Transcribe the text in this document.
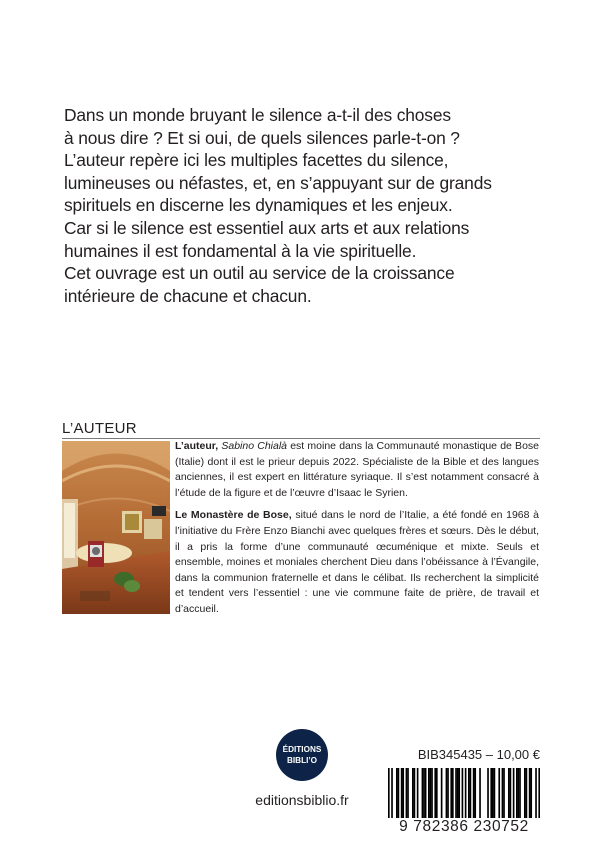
Dans un monde bruyant le silence a-t-il des choses

à nous dire ? Et si oui, de quels silences parle-t-on ?

L’auteur repère ici les multiples facettes du silence,

lumineuses ou néfastes, et, en s’appuyant sur de grands

spirituels en discerne les dynamiques et les enjeux.

Car si le silence est essentiel aux arts et aux relations

humaines il est fondamental à la vie spirituelle.

Cet ouvrage est un outil au service de la croissance

intérieure de chacune et chacun.

L’AUTEUR

L’auteur, Sabino Chialà est moine dans la Communauté monastique de Bose (Italie) dont il est le prieur depuis 2022. Spécialiste de la Bible et des langues anciennes, il est expert en littérature syriaque. Il s’est notamment consacré à l’étude de la figure et de l’œuvre d’Isaac le Syrien.

Le Monastère de Bose, situé dans le nord de l’Italie, a été fondé en 1968 à l’initiative du Frère Enzo Bianchi avec quelques frères et sœurs. Dès le début, il a pris la forme d’une communauté œcuménique et mixte. Seuls et ensemble, moines et moniales cherchent Dieu dans l’obéissance à l’Évangile, dans la communion fraternelle et dans le célibat. Ils recherchent la simplicité et tendent vers l’essentiel : une vie commune faite de prière, de travail et d’accueil.

ÉDITIONS
BIBLI’O
editionsbiblio.fr
BIB345435 – 10,00 €
9 782386 230752
